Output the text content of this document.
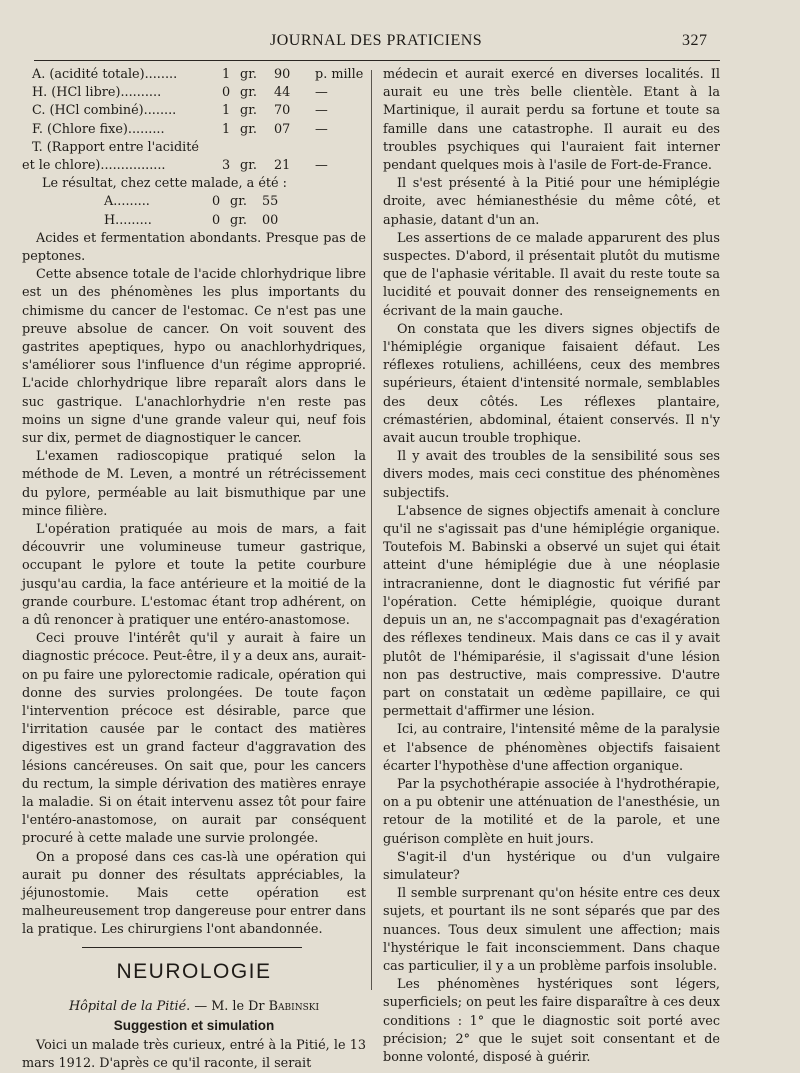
JOURNAL DES PRATICIENS	327
A. (acidité totale)........	1 gr. 90 p. mille
H. (HCl libre)..........	0 gr. 44 —
C. (HCl combiné)........	1 gr. 70 —
F. (Chlore fixe).........	1 gr. 07 —
T. (Rapport entre l'acidité
et le chlore)................	3 gr. 21 —
Le résultat, chez cette malade, a été :
A.........	0 gr. 55
H.........	0 gr. 00

Acides et fermentation abondants. Presque pas de peptones.

Cette absence totale de l'acide chlorhydrique libre est un des phénomènes les plus importants du chimisme du cancer de l'estomac. Ce n'est pas une preuve absolue de cancer. On voit souvent des gastrites apeptiques, hypo ou anachlorhydriques, s'améliorer sous l'influence d'un régime approprié. L'acide chlorhydrique libre reparaît alors dans le suc gastrique. L'anachlorhydrie n'en reste pas moins un signe d'une grande valeur qui, neuf fois sur dix, permet de diagnostiquer le cancer.

L'examen radioscopique pratiqué selon la méthode de M. Leven, a montré un rétrécissement du pylore, perméable au lait bismuthique par une mince filière.

L'opération pratiquée au mois de mars, a fait découvrir une volumineuse tumeur gastrique, occupant le pylore et toute la petite courbure jusqu'au cardia, la face antérieure et la moitié de la grande courbure. L'estomac étant trop adhérent, on a dû renoncer à pratiquer une entéro-anastomose.

Ceci prouve l'intérêt qu'il y aurait à faire un diagnostic précoce. Peut-être, il y a deux ans, aurait-on pu faire une pylorectomie radicale, opération qui donne des survies prolongées. De toute façon l'intervention précoce est désirable, parce que l'irritation causée par le contact des matières digestives est un grand facteur d'aggravation des lésions cancéreuses. On sait que, pour les cancers du rectum, la simple dérivation des matières enraye la maladie. Si on était intervenu assez tôt pour faire l'entéro-anastomose, on aurait par conséquent procuré à cette malade une survie prolongée.

On a proposé dans ces cas-là une opération qui aurait pu donner des résultats appréciables, la jéjunostomie. Mais cette opération est malheureusement trop dangereuse pour entrer dans la pratique. Les chirurgiens l'ont abandonnée.

NEUROLOGIE
Hôpital de la Pitié. — M. le Dr Babinski
Suggestion et simulation

Voici un malade très curieux, entré à la Pitié, le 13 mars 1912. D'après ce qu'il raconte, il serait

médecin et aurait exercé en diverses localités. Il aurait eu une très belle clientèle. Etant à la Martinique, il aurait perdu sa fortune et toute sa famille dans une catastrophe. Il aurait eu des troubles psychiques qui l'auraient fait interner pendant quelques mois à l'asile de Fort-de-France.

Il s'est présenté à la Pitié pour une hémiplégie droite, avec hémianesthésie du même côté, et aphasie, datant d'un an.

Les assertions de ce malade apparurent des plus suspectes. D'abord, il présentait plutôt du mutisme que de l'aphasie véritable. Il avait du reste toute sa lucidité et pouvait donner des renseignements en écrivant de la main gauche.

On constata que les divers signes objectifs de l'hémiplégie organique faisaient défaut. Les réflexes rotuliens, achilléens, ceux des membres supérieurs, étaient d'intensité normale, semblables des deux côtés. Les réflexes plantaire, crémastérien, abdominal, étaient conservés. Il n'y avait aucun trouble trophique.

Il y avait des troubles de la sensibilité sous ses divers modes, mais ceci constitue des phénomènes subjectifs.

L'absence de signes objectifs amenait à conclure qu'il ne s'agissait pas d'une hémiplégie organique. Toutefois M. Babinski a observé un sujet qui était atteint d'une hémiplégie due à une néoplasie intracranienne, dont le diagnostic fut vérifié par l'opération. Cette hémiplégie, quoique durant depuis un an, ne s'accompagnait pas d'exagération des réflexes tendineux. Mais dans ce cas il y avait plutôt de l'hémiparésie, il s'agissait d'une lésion non pas destructive, mais compressive. D'autre part on constatait un œdème papillaire, ce qui permettait d'affirmer une lésion.

Ici, au contraire, l'intensité même de la paralysie et l'absence de phénomènes objectifs faisaient écarter l'hypothèse d'une affection organique.

Par la psychothérapie associée à l'hydrothérapie, on a pu obtenir une atténuation de l'anesthésie, un retour de la motilité et de la parole, et une guérison complète en huit jours.

S'agit-il d'un hystérique ou d'un vulgaire simulateur?

Il semble surprenant qu'on hésite entre ces deux sujets, et pourtant ils ne sont séparés que par des nuances. Tous deux simulent une affection; mais l'hystérique le fait inconsciemment. Dans chaque cas particulier, il y a un problème parfois insoluble.

Les phénomènes hystériques sont légers, superficiels; on peut les faire disparaître à ces deux conditions : 1° que le diagnostic soit porté avec précision; 2° que le sujet soit consentant et de bonne volonté, disposé à guérir.
